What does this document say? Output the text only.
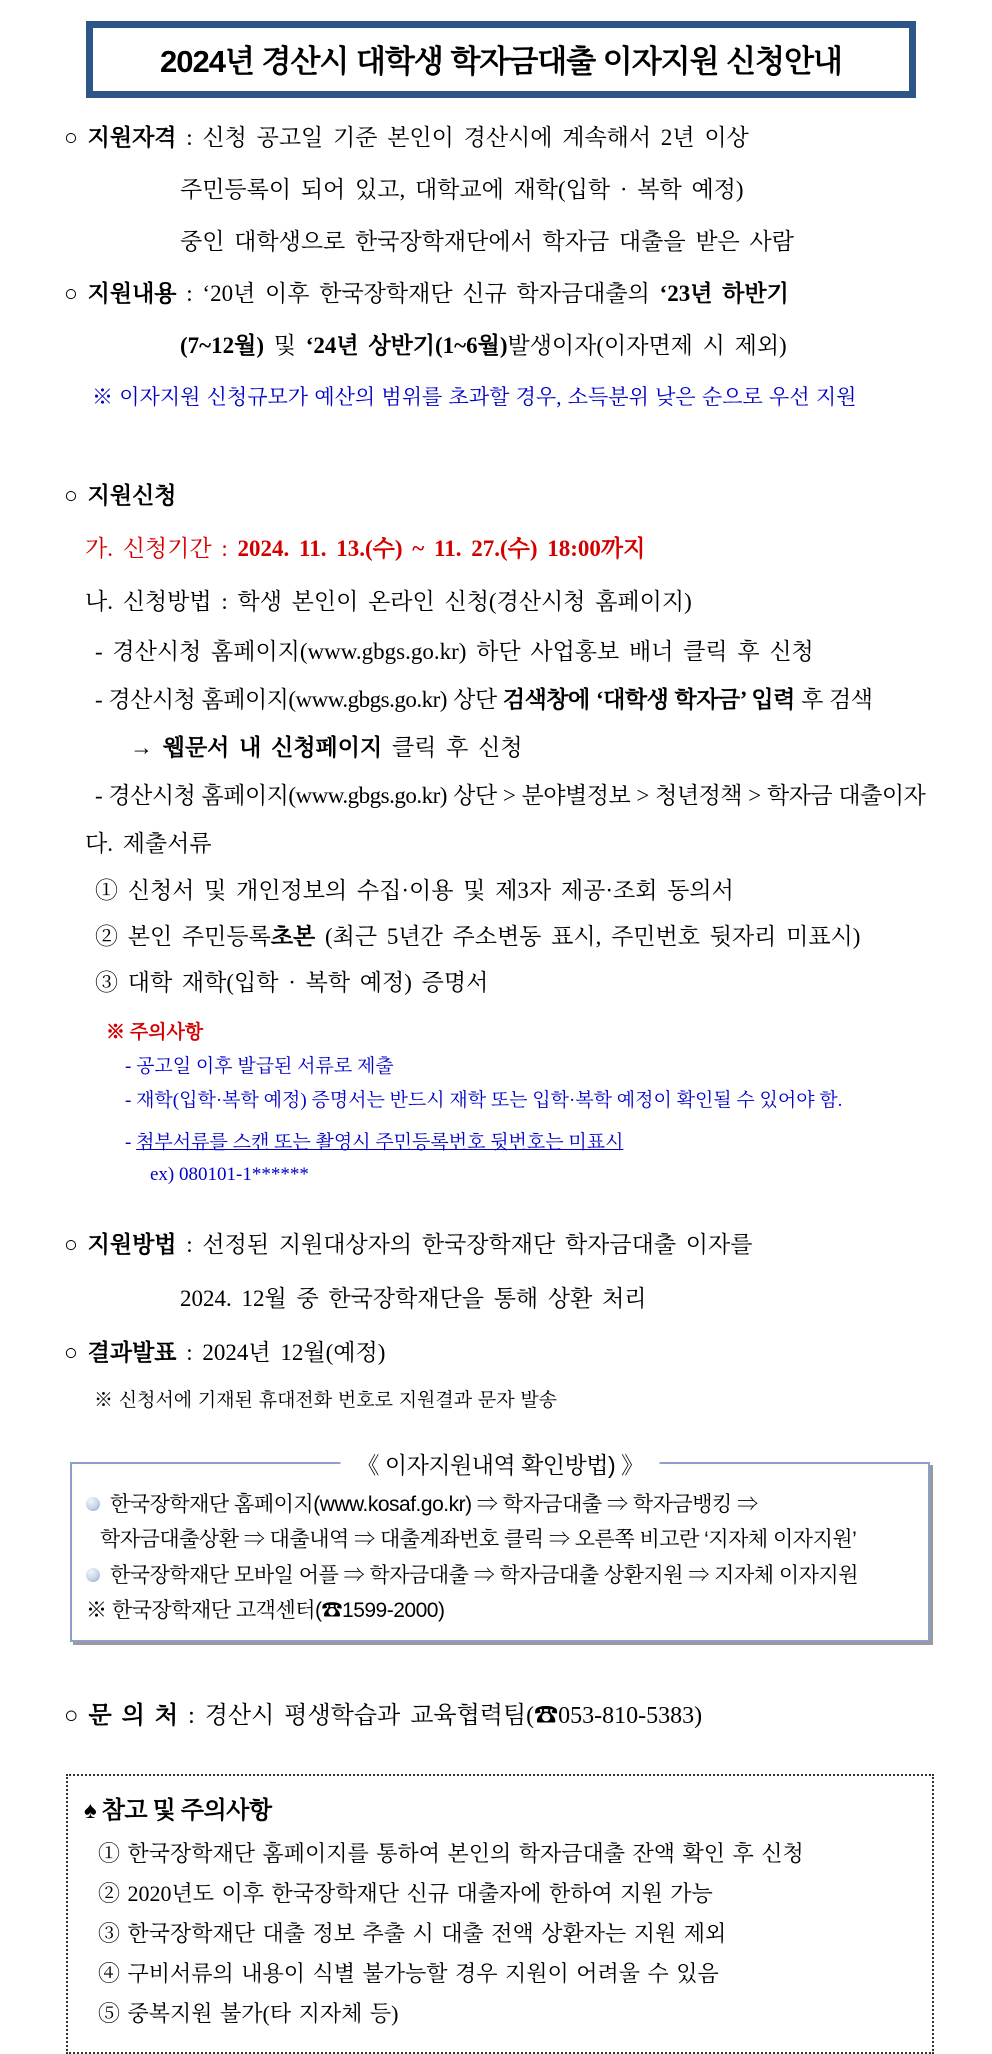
2024년 경산시 대학생 학자금대출 이자지원 신청안내
○ 지원자격 : 신청 공고일 기준 본인이 경산시에 계속해서 2년 이상
주민등록이 되어 있고, 대학교에 재학(입학 · 복학 예정)
중인 대학생으로 한국장학재단에서 학자금 대출을 받은 사람
○ 지원내용 : ‘20년 이후 한국장학재단 신규 학자금대출의 ‘23년 하반기
(7~12월) 및 ‘24년 상반기(1~6월)발생이자(이자면제 시 제외)
※ 이자지원 신청규모가 예산의 범위를 초과할 경우, 소득분위 낮은 순으로 우선 지원
○ 지원신청
가. 신청기간 : 2024. 11. 13.(수) ~ 11. 27.(수) 18:00까지
나. 신청방법 : 학생 본인이 온라인 신청(경산시청 홈페이지)
- 경산시청 홈페이지(www.gbgs.go.kr) 하단 사업홍보 배너 클릭 후 신청
- 경산시청 홈페이지(www.gbgs.go.kr) 상단 검색창에 ‘대학생 학자금’ 입력 후 검색
→ 웹문서 내 신청페이지 클릭 후 신청
- 경산시청 홈페이지(www.gbgs.go.kr) 상단 > 분야별정보 > 청년정책 > 학자금 대출이자
다. 제출서류
① 신청서 및 개인정보의 수집·이용 및 제3자 제공·조회 동의서
② 본인 주민등록초본 (최근 5년간 주소변동 표시, 주민번호 뒷자리 미표시)
③ 대학 재학(입학 · 복학 예정) 증명서
※ 주의사항
- 공고일 이후 발급된 서류로 제출
- 재학(입학·복학 예정) 증명서는 반드시 재학 또는 입학·복학 예정이 확인될 수 있어야 함.
- 첨부서류를 스캔 또는 촬영시 주민등록번호 뒷번호는 미표시
ex) 080101-1******
○ 지원방법 : 선정된 지원대상자의 한국장학재단 학자금대출 이자를
2024. 12월 중 한국장학재단을 통해 상환 처리
○ 결과발표 : 2024년 12월(예정)
※ 신청서에 기재된 휴대전화 번호로 지원결과 문자 발송
《 이자지원내역 확인방법) 》
한국장학재단 홈페이지(www.kosaf.go.kr) ⇒ 학자금대출 ⇒ 학자금뱅킹 ⇒
학자금대출상환 ⇒ 대출내역 ⇒ 대출계좌번호 클릭 ⇒ 오른쪽 비고란 ‘지자체 이자지원’
한국장학재단 모바일 어플 ⇒ 학자금대출 ⇒ 학자금대출 상환지원 ⇒ 지자체 이자지원
※ 한국장학재단 고객센터(☎1599-2000)
○ 문 의 처 : 경산시 평생학습과 교육협력팀(☎053-810-5383)
♠ 참고 및 주의사항
① 한국장학재단 홈페이지를 통하여 본인의 학자금대출 잔액 확인 후 신청
② 2020년도 이후 한국장학재단 신규 대출자에 한하여 지원 가능
③ 한국장학재단 대출 정보 추출 시 대출 전액 상환자는 지원 제외
④ 구비서류의 내용이 식별 불가능할 경우 지원이 어려울 수 있음
⑤ 중복지원 불가(타 지자체 등)
